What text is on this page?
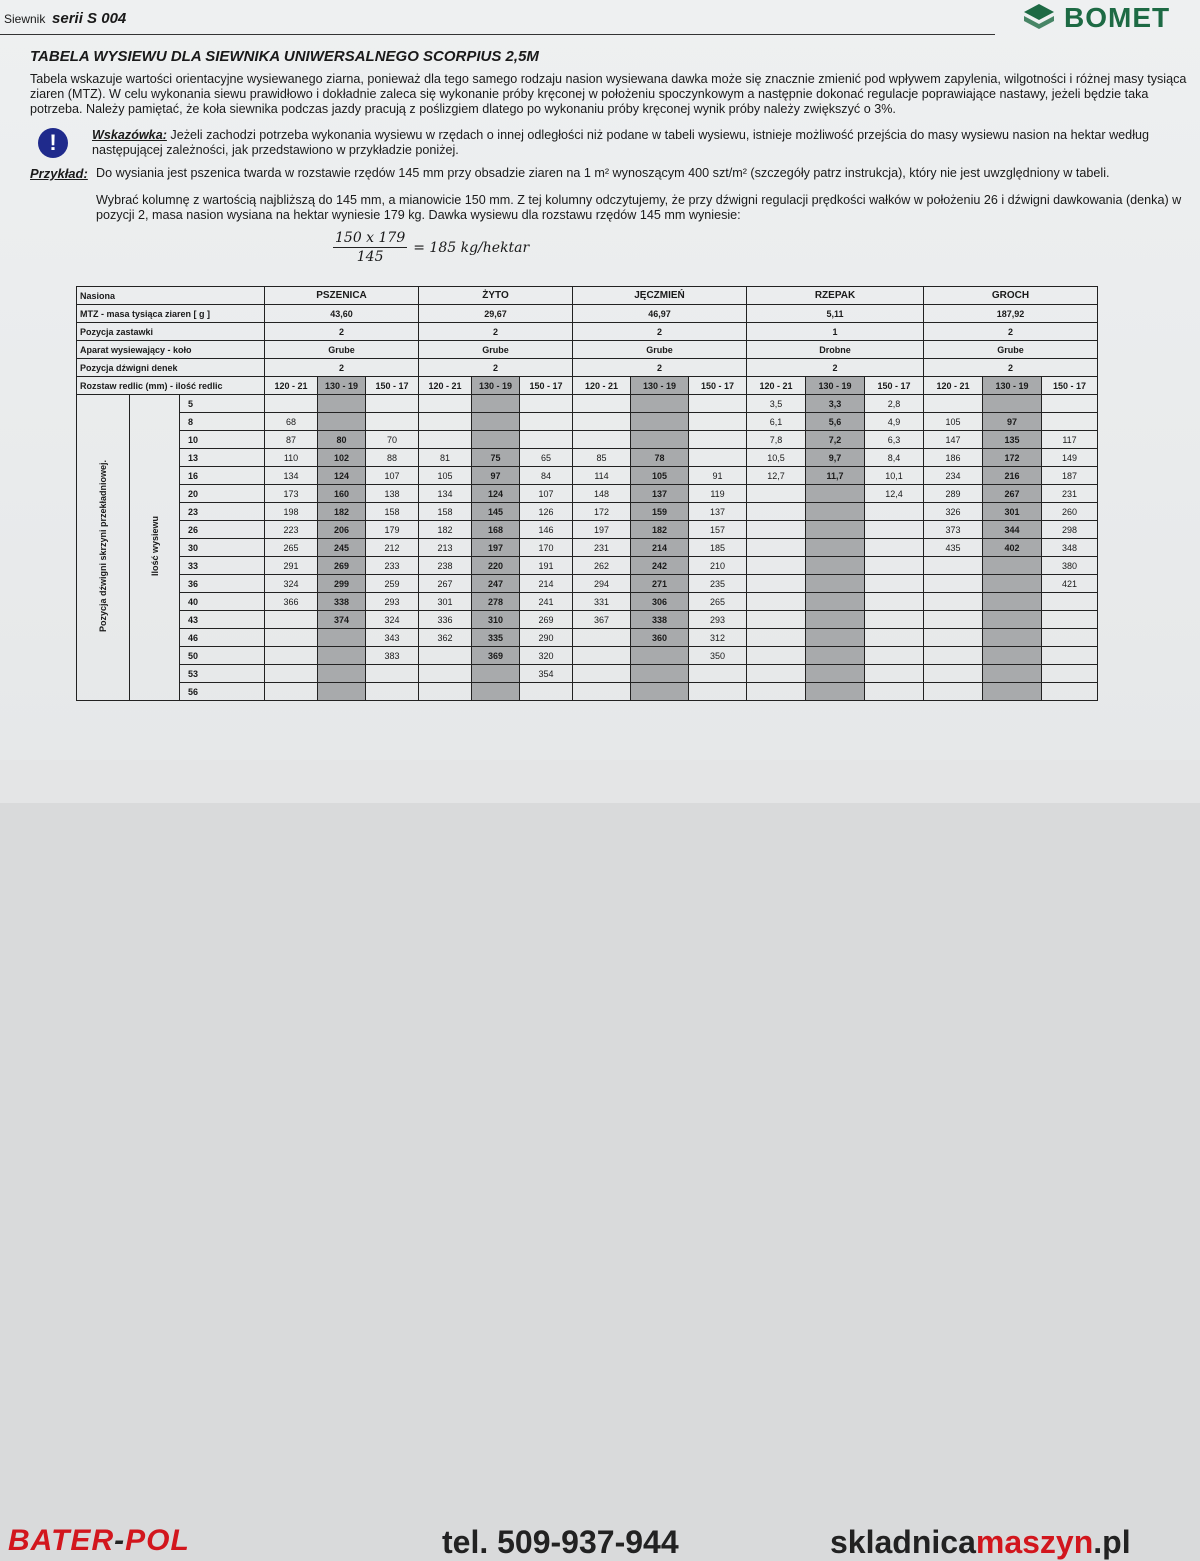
Siewnik serii S 004	BOMET
TABELA WYSIEWU DLA SIEWNIKA UNIWERSALNEGO SCORPIUS 2,5M
Tabela wskazuje wartości orientacyjne wysiewanego ziarna, ponieważ dla tego samego rodzaju nasion wysiewana dawka może się znacznie zmienić pod wpływem zapylenia, wilgotności i różnej masy tysiąca ziaren (MTZ). W celu wykonania siewu prawidłowo i dokładnie zaleca się wykonanie próby kręconej w położeniu spoczynkowym a następnie dokonać regulacje poprawiające nastawy, jeżeli będzie taka potrzeba. Należy pamiętać, że koła siewnika podczas jazdy pracują z poślizgiem dlatego po wykonaniu próby kręconej wynik próby należy zwiększyć o 3%.
!	Wskazówka: Jeżeli zachodzi potrzeba wykonania wysiewu w rzędach o innej odległości niż podane w tabeli wysiewu, istnieje możliwość przejścia do masy wysiewu nasion na hektar według następującej zależności, jak przedstawiono w przykładzie poniżej.
Przykład: Do wysiania jest pszenica twarda w rozstawie rzędów 145 mm przy obsadzie ziaren na 1 m² wynoszącym 400 szt/m² (szczegóły patrz instrukcja), który nie jest uwzględniony w tabeli.
Wybrać kolumnę z wartością najbliższą do 145 mm, a mianowicie 150 mm. Z tej kolumny odczytujemy, że przy dźwigni regulacji prędkości wałków w położeniu 26 i dźwigni dawkowania (denka) w pozycji 2, masa nasion wysiana na hektar wyniesie 179 kg. Dawka wysiewu dla rozstawu rzędów 145 mm wyniesie:
$\frac{150 x 179}{145} = 185$ kg/hektar
Nasiona			PSZENICA			ŻYTO			JĘCZMIEŃ			RZEPAK			GROCH		
MTZ - masa tysiąca ziaren [ g ]			43,60			29,67			46,97			5,11			187,92		
Pozycja zastawki			2			2			2			1			2		
Aparat wysiewający - koło			Grube			Grube			Grube			Drobne			Grube		
Pozycja dźwigni denek			2			2			2			2			2		
Rozstaw redlic (mm) - ilość redlic			120 - 21	130 - 19	150 - 17	120 - 21	130 - 19	150 - 17	120 - 21	130 - 19	150 - 17	120 - 21	130 - 19	150 - 17	120 - 21	130 - 19	150 - 17
Pozycja dźwigni skrzyni przekładniowej.	Ilość wysiewu	5										3,5	3,3	2,8			
		8	68									6,1	5,6	4,9	105	97	
		10	87	80	70							7,8	7,2	6,3	147	135	117
		13	110	102	88	81	75	65	85	78		10,5	9,7	8,4	186	172	149
		16	134	124	107	105	97	84	114	105	91	12,7	11,7	10,1	234	216	187
		20	173	160	138	134	124	107	148	137	119			12,4	289	267	231
		23	198	182	158	158	145	126	172	159	137				326	301	260
		26	223	206	179	182	168	146	197	182	157				373	344	298
		30	265	245	212	213	197	170	231	214	185				435	402	348
		33	291	269	233	238	220	191	262	242	210						380
		36	324	299	259	267	247	214	294	271	235						421
		40	366	338	293	301	278	241	331	306	265						
		43		374	324	336	310	269	367	338	293						
		46			343	362	335	290		360	312						
		50			383		369	320			350						
		53						354									
		56															
BATER-POL	tel. 509-937-944	skladnicamaszyn.pl
